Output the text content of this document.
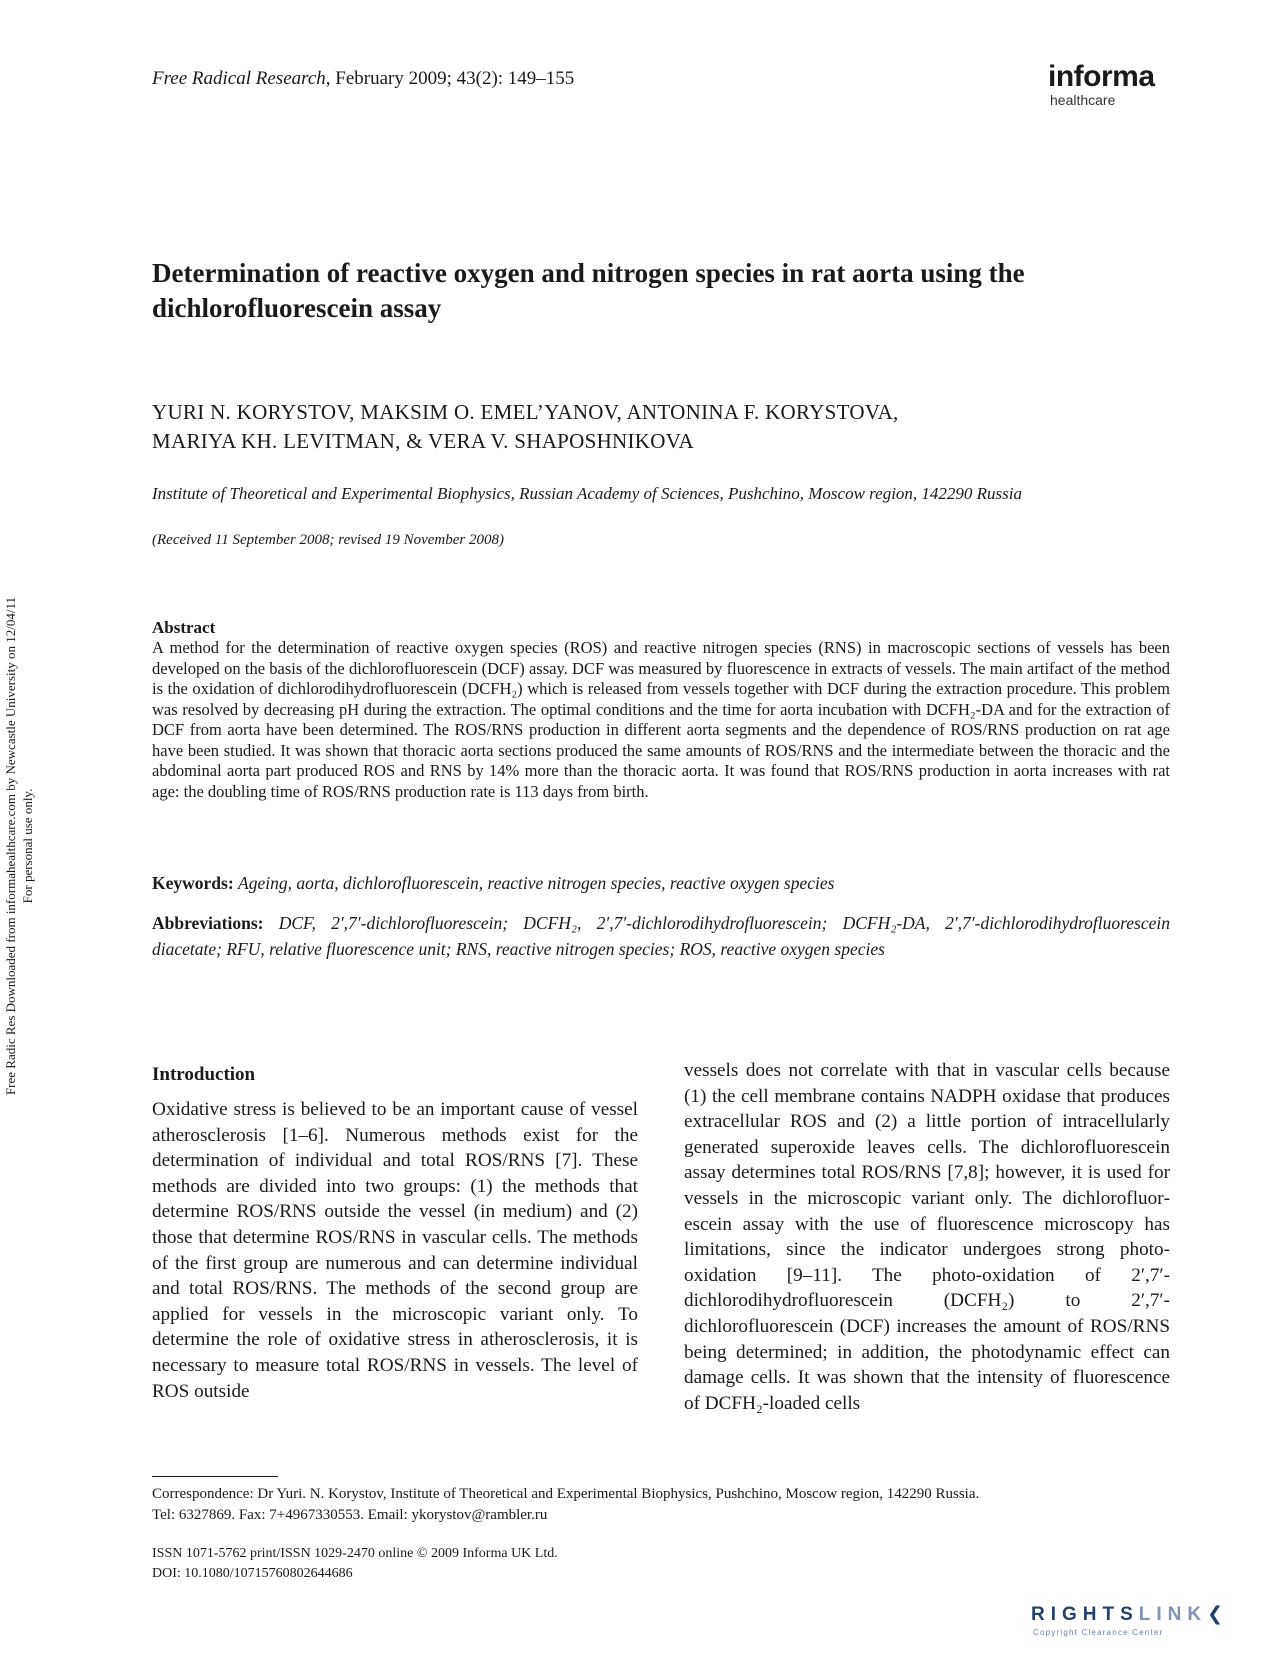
Free Radical Research, February 2009; 43(2): 149–155	informa
healthcare
Free Radic Res Downloaded from informahealthcare.com by Newcastle University on 12/04/11 For personal use only.
Determination of reactive oxygen and nitrogen species in rat aorta using the dichlorofluorescein assay
YURI N. KORYSTOV, MAKSIM O. EMEL’YANOV, ANTONINA F. KORYSTOVA,
MARIYA KH. LEVITMAN, & VERA V. SHAPOSHNIKOVA
Institute of Theoretical and Experimental Biophysics, Russian Academy of Sciences, Pushchino, Moscow region, 142290 Russia
(Received 11 September 2008; revised 19 November 2008)
Abstract

A method for the determination of reactive oxygen species (ROS) and reactive nitrogen species (RNS) in macroscopic sections of vessels has been developed on the basis of the dichlorofluorescein (DCF) assay. DCF was measured by fluorescence in extracts of vessels. The main artifact of the method is the oxidation of dichlorodihydrofluorescein (DCFH₂) which is released from vessels together with DCF during the extraction procedure. This problem was resolved by decreasing pH during the extraction. The optimal conditions and the time for aorta incubation with DCFH₂-DA and for the extraction of DCF from aorta have been determined. The ROS/RNS production in different aorta segments and the dependence of ROS/RNS production on rat age have been studied. It was shown that thoracic aorta sections produced the same amounts of ROS/RNS and the intermediate between the thoracic and the abdominal aorta part produced ROS and RNS by 14% more than the thoracic aorta. It was found that ROS/RNS production in aorta increases with rat age: the doubling time of ROS/RNS production rate is 113 days from birth.

Keywords: Ageing, aorta, dichlorofluorescein, reactive nitrogen species, reactive oxygen species
Abbreviations: DCF, 2′,7′-dichlorofluorescein; DCFH₂, 2′,7′-dichlorodihydrofluorescein; DCFH₂-DA, 2′,7′-dichlorodihydrofluorescein diacetate; RFU, relative fluorescence unit; RNS, reactive nitrogen species; ROS, reactive oxygen species
Introduction

Oxidative stress is believed to be an important cause of vessel atherosclerosis [1–6]. Numerous methods exist for the determination of individual and total ROS/RNS [7]. These methods are divided into two groups: (1) the methods that determine ROS/RNS outside the vessel (in medium) and (2) those that determine ROS/RNS in vascular cells. The methods of the first group are numerous and can determine individual and total ROS/RNS. The methods of the second group are applied for vessels in the microscopic variant only. To determine the role of oxidative stress in atherosclerosis, it is necessary to measure total ROS/RNS in vessels. The level of ROS outside

vessels does not correlate with that in vascular cells because (1) the cell membrane contains NADPH oxidase that produces extracellular ROS and (2) a little portion of intracellularly generated superoxide leaves cells. The dichlorofluorescein assay determines total ROS/RNS [7,8]; however, it is used for vessels in the microscopic variant only. The dichlorofluorescein assay with the use of fluorescence microscopy has limitations, since the indicator undergoes strong photo-oxidation [9–11]. The photo-oxidation of 2′,7′-dichlorodihydrofluorescein (DCFH₂) to 2′,7′-dichlorofluorescein (DCF) increases the amount of ROS/RNS being determined; in addition, the photodynamic effect can damage cells. It was shown that the intensity of fluorescence of DCFH₂-loaded cells

Correspondence: Dr Yuri. N. Korystov, Institute of Theoretical and Experimental Biophysics, Pushchino, Moscow region, 142290 Russia.
Tel: 6327869. Fax: 7+4967330553. Email: ykorystov@rambler.ru
ISSN 1071-5762 print/ISSN 1029-2470 online © 2009 Informa UK Ltd.
DOI: 10.1080/10715760802644686
RIGHTSLINK❮
Copyright Clearance Center
